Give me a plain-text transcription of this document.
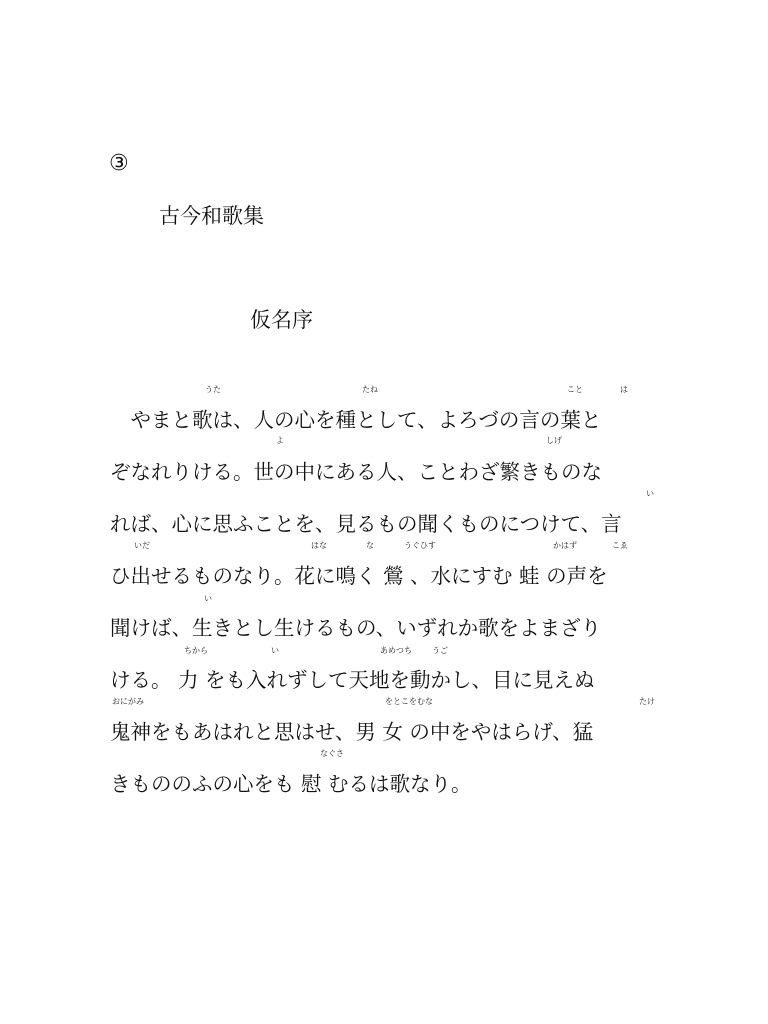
③
古今和歌集
仮名序
うた	たね	こと	は
よ	しげ
い
いだ	はな	な	うぐひす	かはず	こゑ
い
ちから	い	あめつち	うご
おにがみ	をとこをむな	たけ
なぐさ
　やまと歌は、人の心を種として、よろづの言の葉と
ぞなれりける。世の中にある人、ことわざ繁きものな
れば、心に思ふことを、見るもの聞くものにつけて、言
ひ出せるものなり。花に鳴く 鶯 、水にすむ 蛙 の声を
聞けば、生きとし生けるもの、いずれか歌をよまざり
ける。 力 をも入れずして天地を動かし、目に見えぬ
鬼神をもあはれと思はせ、男 女 の中をやはらげ、猛
きもののふの心をも 慰 むるは歌なり。
